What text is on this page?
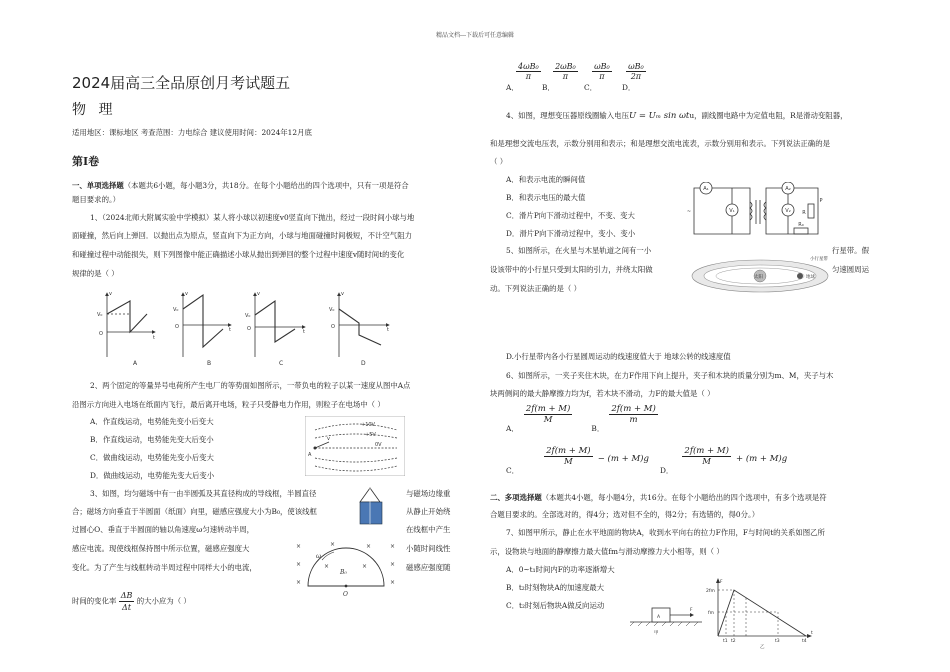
精品文档---下载后可任意编辑
2024届高三全品原创月考试题五
物 理
适用地区：课标地区 考查范围：力电综合 建议使用时间：2024年12月底
第Ⅰ卷
一、单项选择题（本题共6小题，每小题3分，共18分。在每个小题给出的四个选项中，只有一项是符合
题目要求的。）
1、（2024北师大附属实验中学模拟）某人将小球以初速度v0竖直向下抛出，经过一段时间小球与地
面碰撞，然后向上弹回．以抛出点为原点，竖直向下为正方向，小球与地面碰撞时间极短，不计空气阻力
和碰撞过程中动能损失，则下列图像中能正确描述小球从抛出到弹回的整个过程中速度v随时间t的变化
规律的是（ ）
v
t
V₀
O
v
t
V₀
O
v
t
V₀
O
v
t
V₀
O
A	B	C	D
2、两个固定的等量异号电荷所产生电厂的等势面如图所示，一带负电的粒子以某一速度从图中A点
沿图示方向进入电场在纸面内飞行，最后离开电场，粒子只受静电力作用，则粒子在电场中（ ）
A．作直线运动，电势能先变小后变大
B．作直线运动，电势能先变大后变小
C．做曲线运动，电势能先变小后变大
D．做曲线运动，电势能先变大后变小
+10V
+5V
0V
A
v
3、如图，均匀磁场中有一由半圆弧及其直径构成的导线框，半圆直径	与磁场边缘重
合；磁场方向垂直于半圆面（纸面）向里，磁感应强度大小为B₀，使该线框	从静止开始绕
过圆心O、垂直于半圆面的轴以角速度ω匀速转动半周，	在线框中产生
感应电流。现使线框保持图中所示位置，磁感应强度大	小随时间线性
变化。为了产生与线框转动半周过程中同样大小的电流，	磁感应强度随
时间的变化率 $\frac{\Delta B}{\Delta t}$ 的大小应为（ ）
×	×	×	×
×	×	×	×
×	×
ω
B₀
O
$\frac{\text{4ωB₀}}{\pi}$
$\frac{\text{2ωB₀}}{\pi}$
$\frac{\text{ωB₀}}{\pi}$
$\frac{\text{ωB₀}}{2\pi}$
A．	B．	C．	D．
4、如图，理想变压器原线圈输入电压U = Uₘ sin ωtu，副线圈电路中为定值电阻，R是滑动变阻器，
和是理想交流电压表，示数分别用和表示；和是理想交流电流表，示数分别用和表示。下列说法正确的是
（ ）
A．和表示电流的瞬间值
B．和表示电压的最大值
C．滑片P向下滑动过程中，不变、变大
D．滑片P向下滑动过程中，变小、变小
A₁	A₂
V₁	V₂ R
R₀
P
~
5、如图所示，在火星与木星轨道之间有一小	行星带。假
设该带中的小行星只受到太阳的引力，并绕太阳做	匀速圆周运
动。下列说法正确的是（ ）
太阳	地球
小行星带
D.小行星带内各小行星圆周运动的线速度值大于 地球公转的线速度值
6、如图所示，一夹子夹住木块，在力F作用下向上提升，夹子和木块的质量分别为m、M，夹子与木
块两侧间的最大静摩擦力均为f，若木块不滑动，力F的最大值是（ ）
$_{A.}$
$\frac{2f(m + M)}{M}$
$_{B.}$
$\frac{2f(m + M)}{m}$
$_{C.}$
$\frac{2f(m + M)}{M} - (m + M)g$ $_{D.}$
$\frac{2f(m + M)}{M} + (m + M)g$
二、多项选择题（本题共4小题，每小题4分，共16分。在每个小题给出的四个选项中，有多个选项是符
合题目要求的。全部选对的，得4分；选对但不全的，得2分；有选错的，得0分。）
7、如图甲所示，静止在水平地面的物块A，收到水平向右的拉力F作用，F与时间t的关系如图乙所
示，设物块与地面的静摩擦力最大值fm与滑动摩擦力大小相等，则（ ）
A．0~t₁时间内F的功率逐渐增大
B．t₂时刻物块A的加速度最大
C．t₂时刻后物块A做反向运动
A
F
甲
乙
F
2fm
fm
t1 t2	t3	t4
t
